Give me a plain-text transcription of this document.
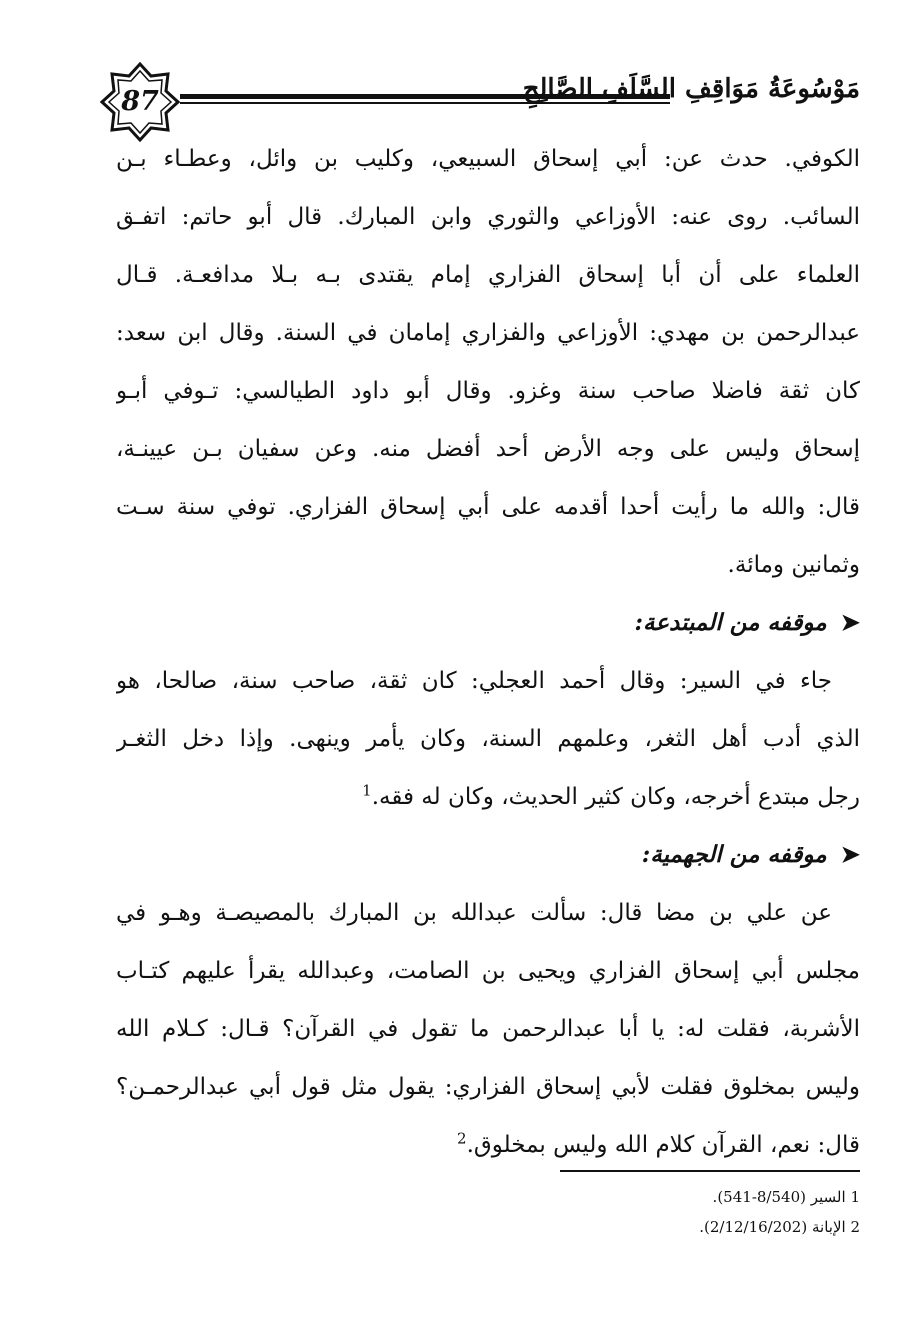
87	مَوْسُوعَةُ مَوَاقِفِ السَّلَفِ الصَّالِحِ
الكوفي. حدث عن: أبي إسحاق السبيعي، وكليب بن وائل، وعطـاء بـن
السائب. روى عنه: الأوزاعي والثوري وابن المبارك. قال أبو حاتم: اتفـق
العلماء على أن أبا إسحاق الفزاري إمام يقتدى بـه بـلا مدافعـة. قـال
عبدالرحمن بن مهدي: الأوزاعي والفزاري إمامان في السنة. وقال ابن سعد:
كان ثقة فاضلا صاحب سنة وغزو. وقال أبو داود الطيالسي: تـوفي أبـو
إسحاق وليس على وجه الأرض أحد أفضل منه. وعن سفيان بـن عيينـة،
قال: والله ما رأيت أحدا أقدمه على أبي إسحاق الفزاري. توفي سنة سـت
وثمانين ومائة.
➤موقفه من المبتدعة:
جاء في السير: وقال أحمد العجلي: كان ثقة، صاحب سنة، صالحا، هو
الذي أدب أهل الثغر، وعلمهم السنة، وكان يأمر وينهى. وإذا دخل الثغـر
رجل مبتدع أخرجه، وكان كثير الحديث، وكان له فقه.$^1$
➤موقفه من الجهمية:
عن علي بن مضا قال: سألت عبدالله بن المبارك بالمصيصـة وهـو في
مجلس أبي إسحاق الفزاري ويحيى بن الصامت، وعبدالله يقرأ عليهم كتـاب
الأشربة، فقلت له: يا أبا عبدالرحمن ما تقول في القرآن؟ قـال: كـلام الله
وليس بمخلوق فقلت لأبي إسحاق الفزاري: يقول مثل قول أبي عبدالرحمـن؟
قال: نعم، القرآن كلام الله وليس بمخلوق.$^2$
1 السير (8/540-541).
2 الإبانة (2/12/16/202).
